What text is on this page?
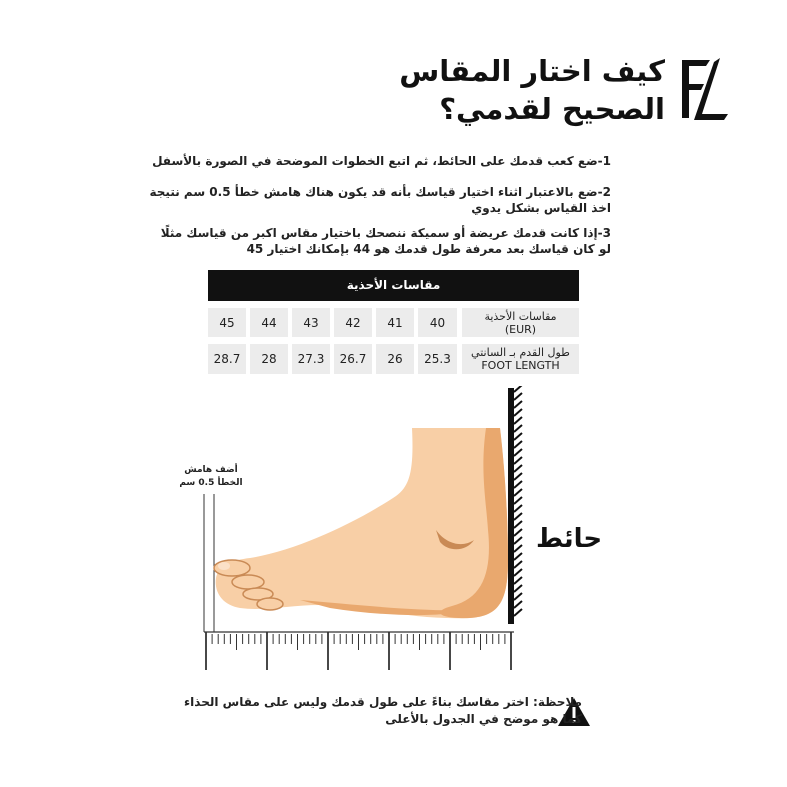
كيف اختار المقاس
الصحيح لقدمي؟
1-ضع كعب قدمك على الحائط، ثم اتبع الخطوات الموضحة في الصورة بالأسفل
2-ضع بالاعتبار اثناء اختيار قياسك بأنه قد يكون هناك هامش خطأ 0.5 سم نتيجة
اخذ القياس بشكل يدوي
3-إذا كانت قدمك عريضة أو سميكة ننصحك باختيار مقاس اكبر من قياسك مثلًا
لو كان قياسك بعد معرفة طول قدمك هو 44 بإمكانك اختيار 45
مقاسات الأحذية
مقاسات الأحذية
(EUR)
40
41
42
43
44
45
طول القدم بـ السانتي
FOOT LENGTH
25.3
26
26.7
27.3
28
28.7
حائط
أضف هامش
الخطأ 0.5 سم
ملاحظة: اختر مقاسك بناءً على طول قدمك وليس على مقاس الحذاء
كما هو موضح في الجدول بالأعلى
